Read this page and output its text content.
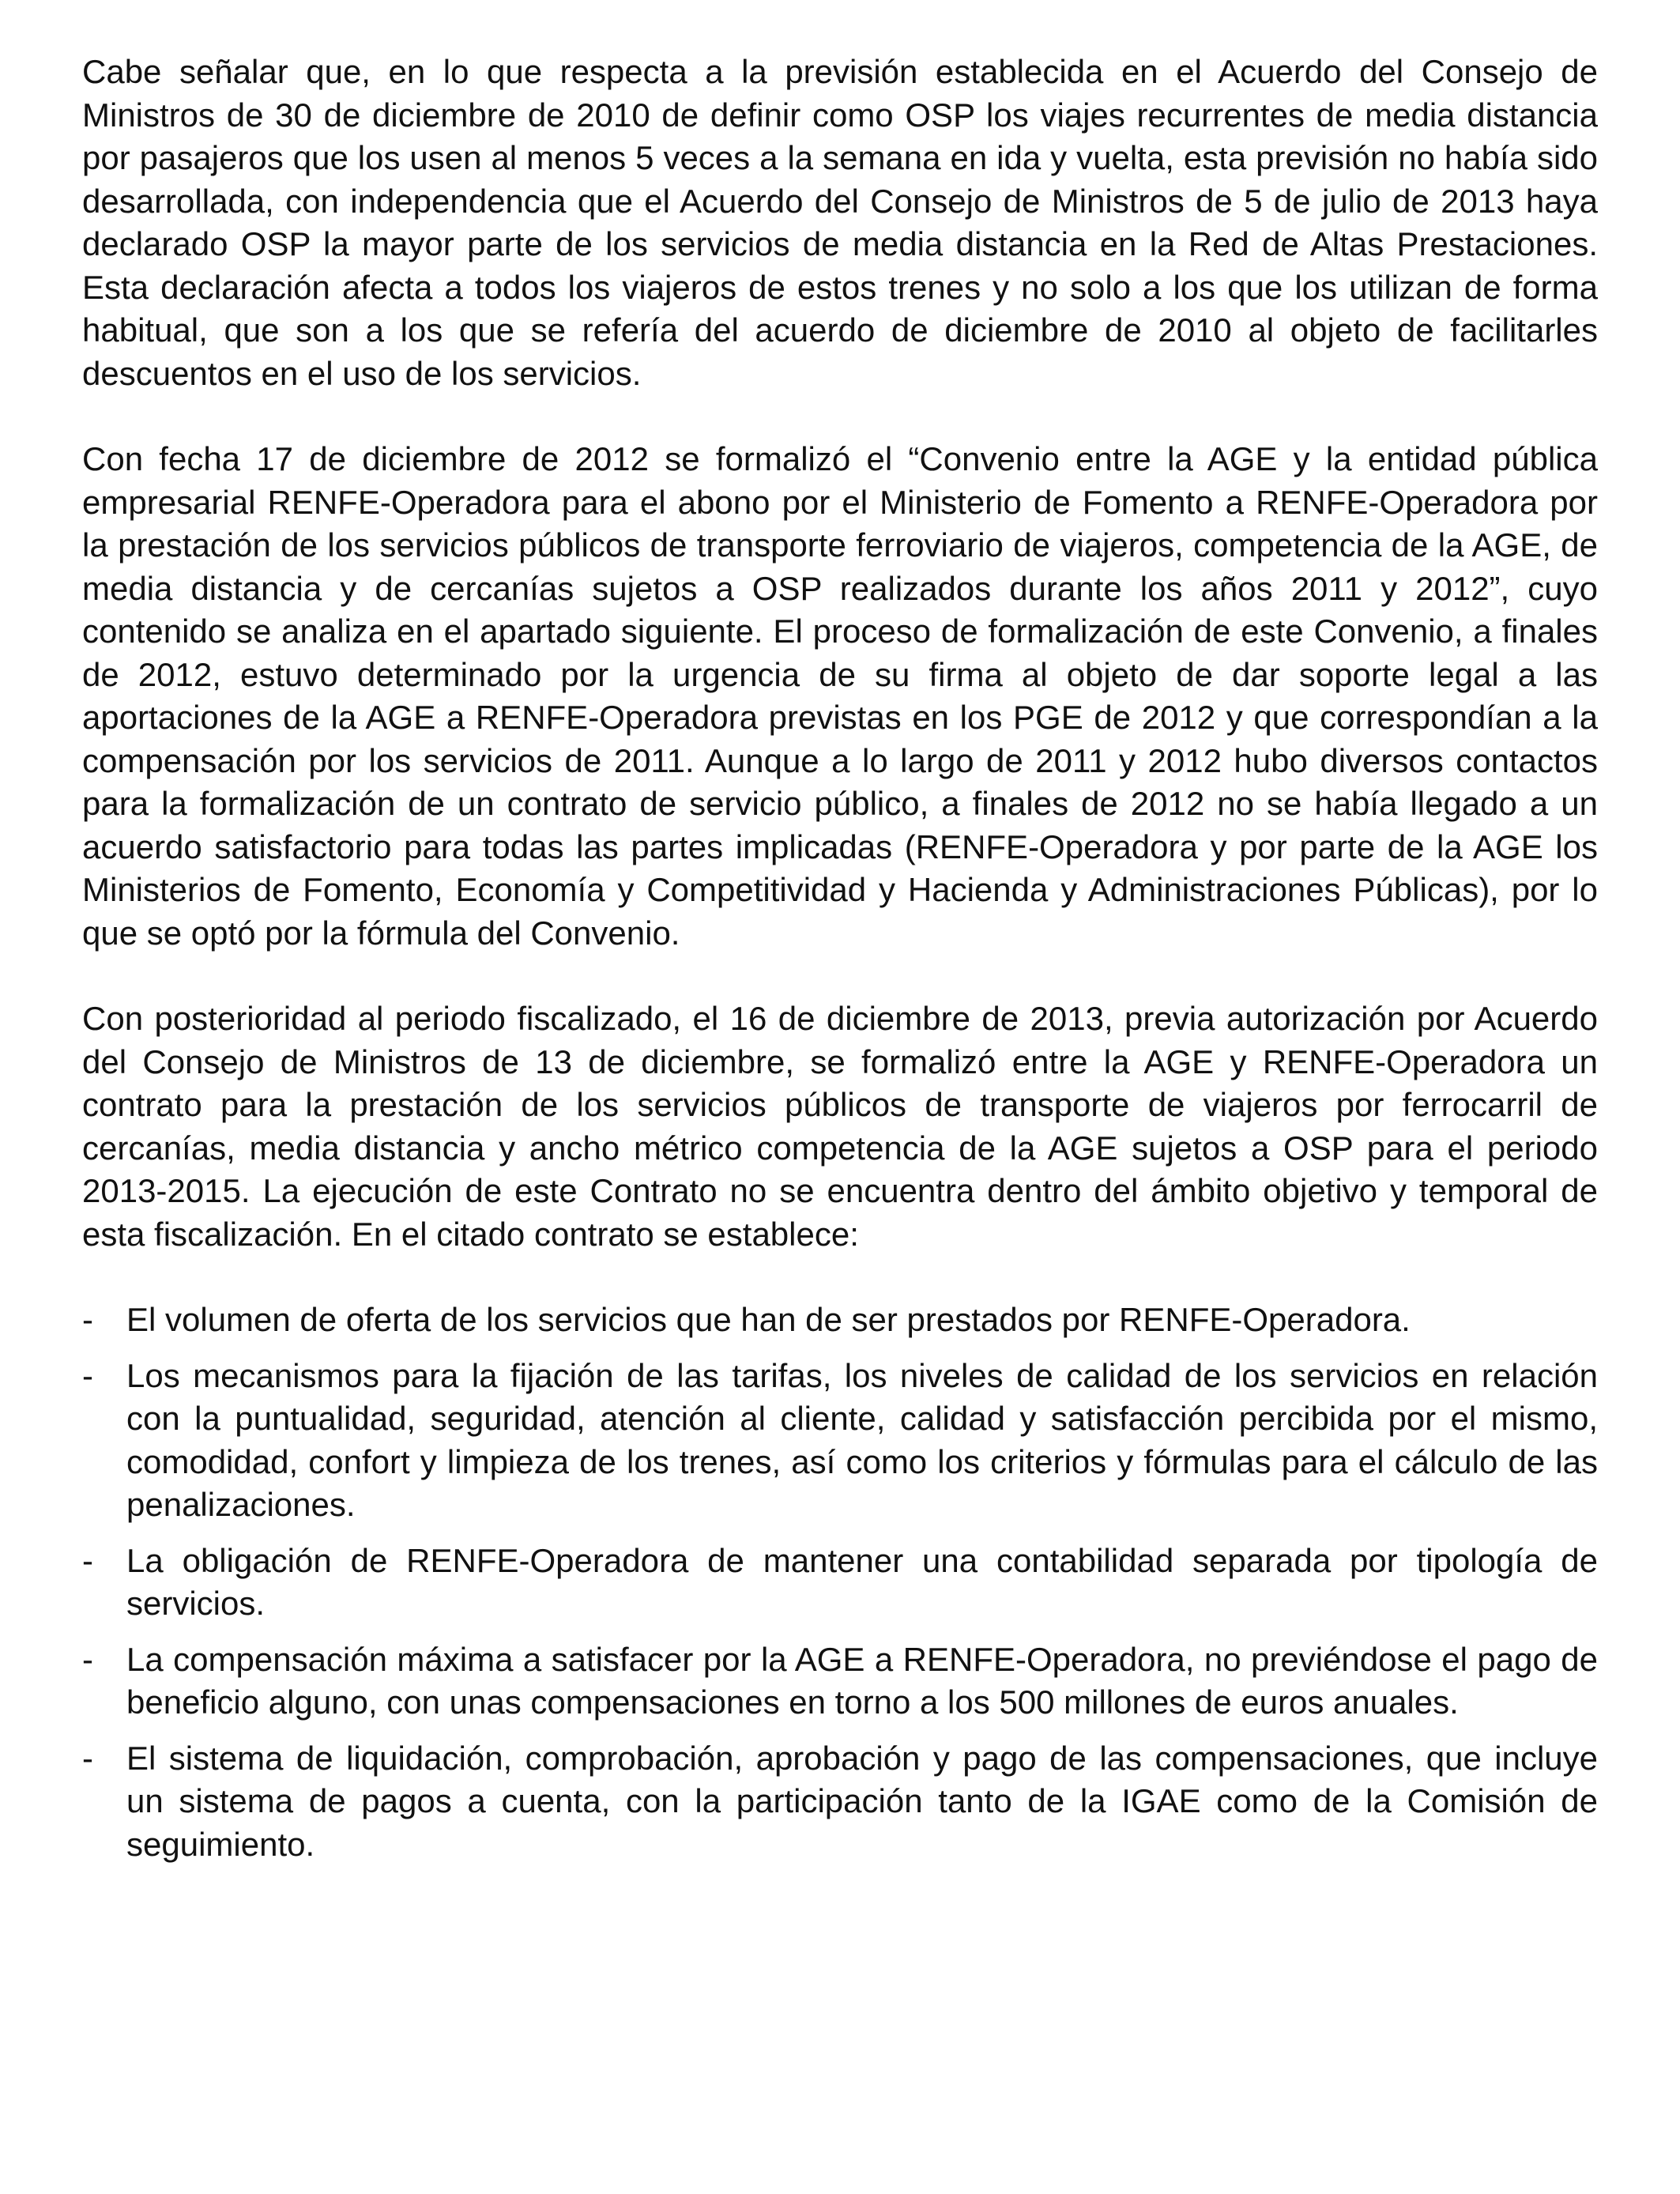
Cabe señalar que, en lo que respecta a la previsión establecida en el Acuerdo del Consejo de Ministros de 30 de diciembre de 2010 de definir como OSP los viajes recurrentes de media distancia por pasajeros que los usen al menos 5 veces a la semana en ida y vuelta, esta previsión no había sido desarrollada, con independencia que el Acuerdo del Consejo de Ministros de 5 de julio de 2013 haya declarado OSP la mayor parte de los servicios de media distancia en la Red de Altas Prestaciones. Esta declaración afecta a todos los viajeros de estos trenes y no solo a los que los utilizan de forma habitual, que son a los que se refería del acuerdo de diciembre de 2010 al objeto de facilitarles descuentos en el uso de los servicios.

Con fecha 17 de diciembre de 2012 se formalizó el “Convenio entre la AGE y la entidad pública empresarial RENFE-Operadora para el abono por el Ministerio de Fomento a RENFE-Operadora por la prestación de los servicios públicos de transporte ferroviario de viajeros, competencia de la AGE, de media distancia y de cercanías sujetos a OSP realizados durante los años 2011 y 2012”, cuyo contenido se analiza en el apartado siguiente. El proceso de formalización de este Convenio, a finales de 2012, estuvo determinado por la urgencia de su firma al objeto de dar soporte legal a las aportaciones de la AGE a RENFE-Operadora previstas en los PGE de 2012 y que correspondían a la compensación por los servicios de 2011. Aunque a lo largo de 2011 y 2012 hubo diversos contactos para la formalización de un contrato de servicio público, a finales de 2012 no se había llegado a un acuerdo satisfactorio para todas las partes implicadas (RENFE-Operadora y por parte de la AGE los Ministerios de Fomento, Economía y Competitividad y Hacienda y Administraciones Públicas), por lo que se optó por la fórmula del Convenio.

Con posterioridad al periodo fiscalizado, el 16 de diciembre de 2013, previa autorización por Acuerdo del Consejo de Ministros de 13 de diciembre, se formalizó entre la AGE y RENFE-Operadora un contrato para la prestación de los servicios públicos de transporte de viajeros por ferrocarril de cercanías, media distancia y ancho métrico competencia de la AGE sujetos a OSP para el periodo 2013-2015. La ejecución de este Contrato no se encuentra dentro del ámbito objetivo y temporal de esta fiscalización. En el citado contrato se establece:

- El volumen de oferta de los servicios que han de ser prestados por RENFE-Operadora.
- Los mecanismos para la fijación de las tarifas, los niveles de calidad de los servicios en relación con la puntualidad, seguridad, atención al cliente, calidad y satisfacción percibida por el mismo, comodidad, confort y limpieza de los trenes, así como los criterios y fórmulas para el cálculo de las penalizaciones.
- La obligación de RENFE-Operadora de mantener una contabilidad separada por tipología de servicios.
- La compensación máxima a satisfacer por la AGE a RENFE-Operadora, no previéndose el pago de beneficio alguno, con unas compensaciones en torno a los 500 millones de euros anuales.
- El sistema de liquidación, comprobación, aprobación y pago de las compensaciones, que incluye un sistema de pagos a cuenta, con la participación tanto de la IGAE como de la Comisión de seguimiento.
